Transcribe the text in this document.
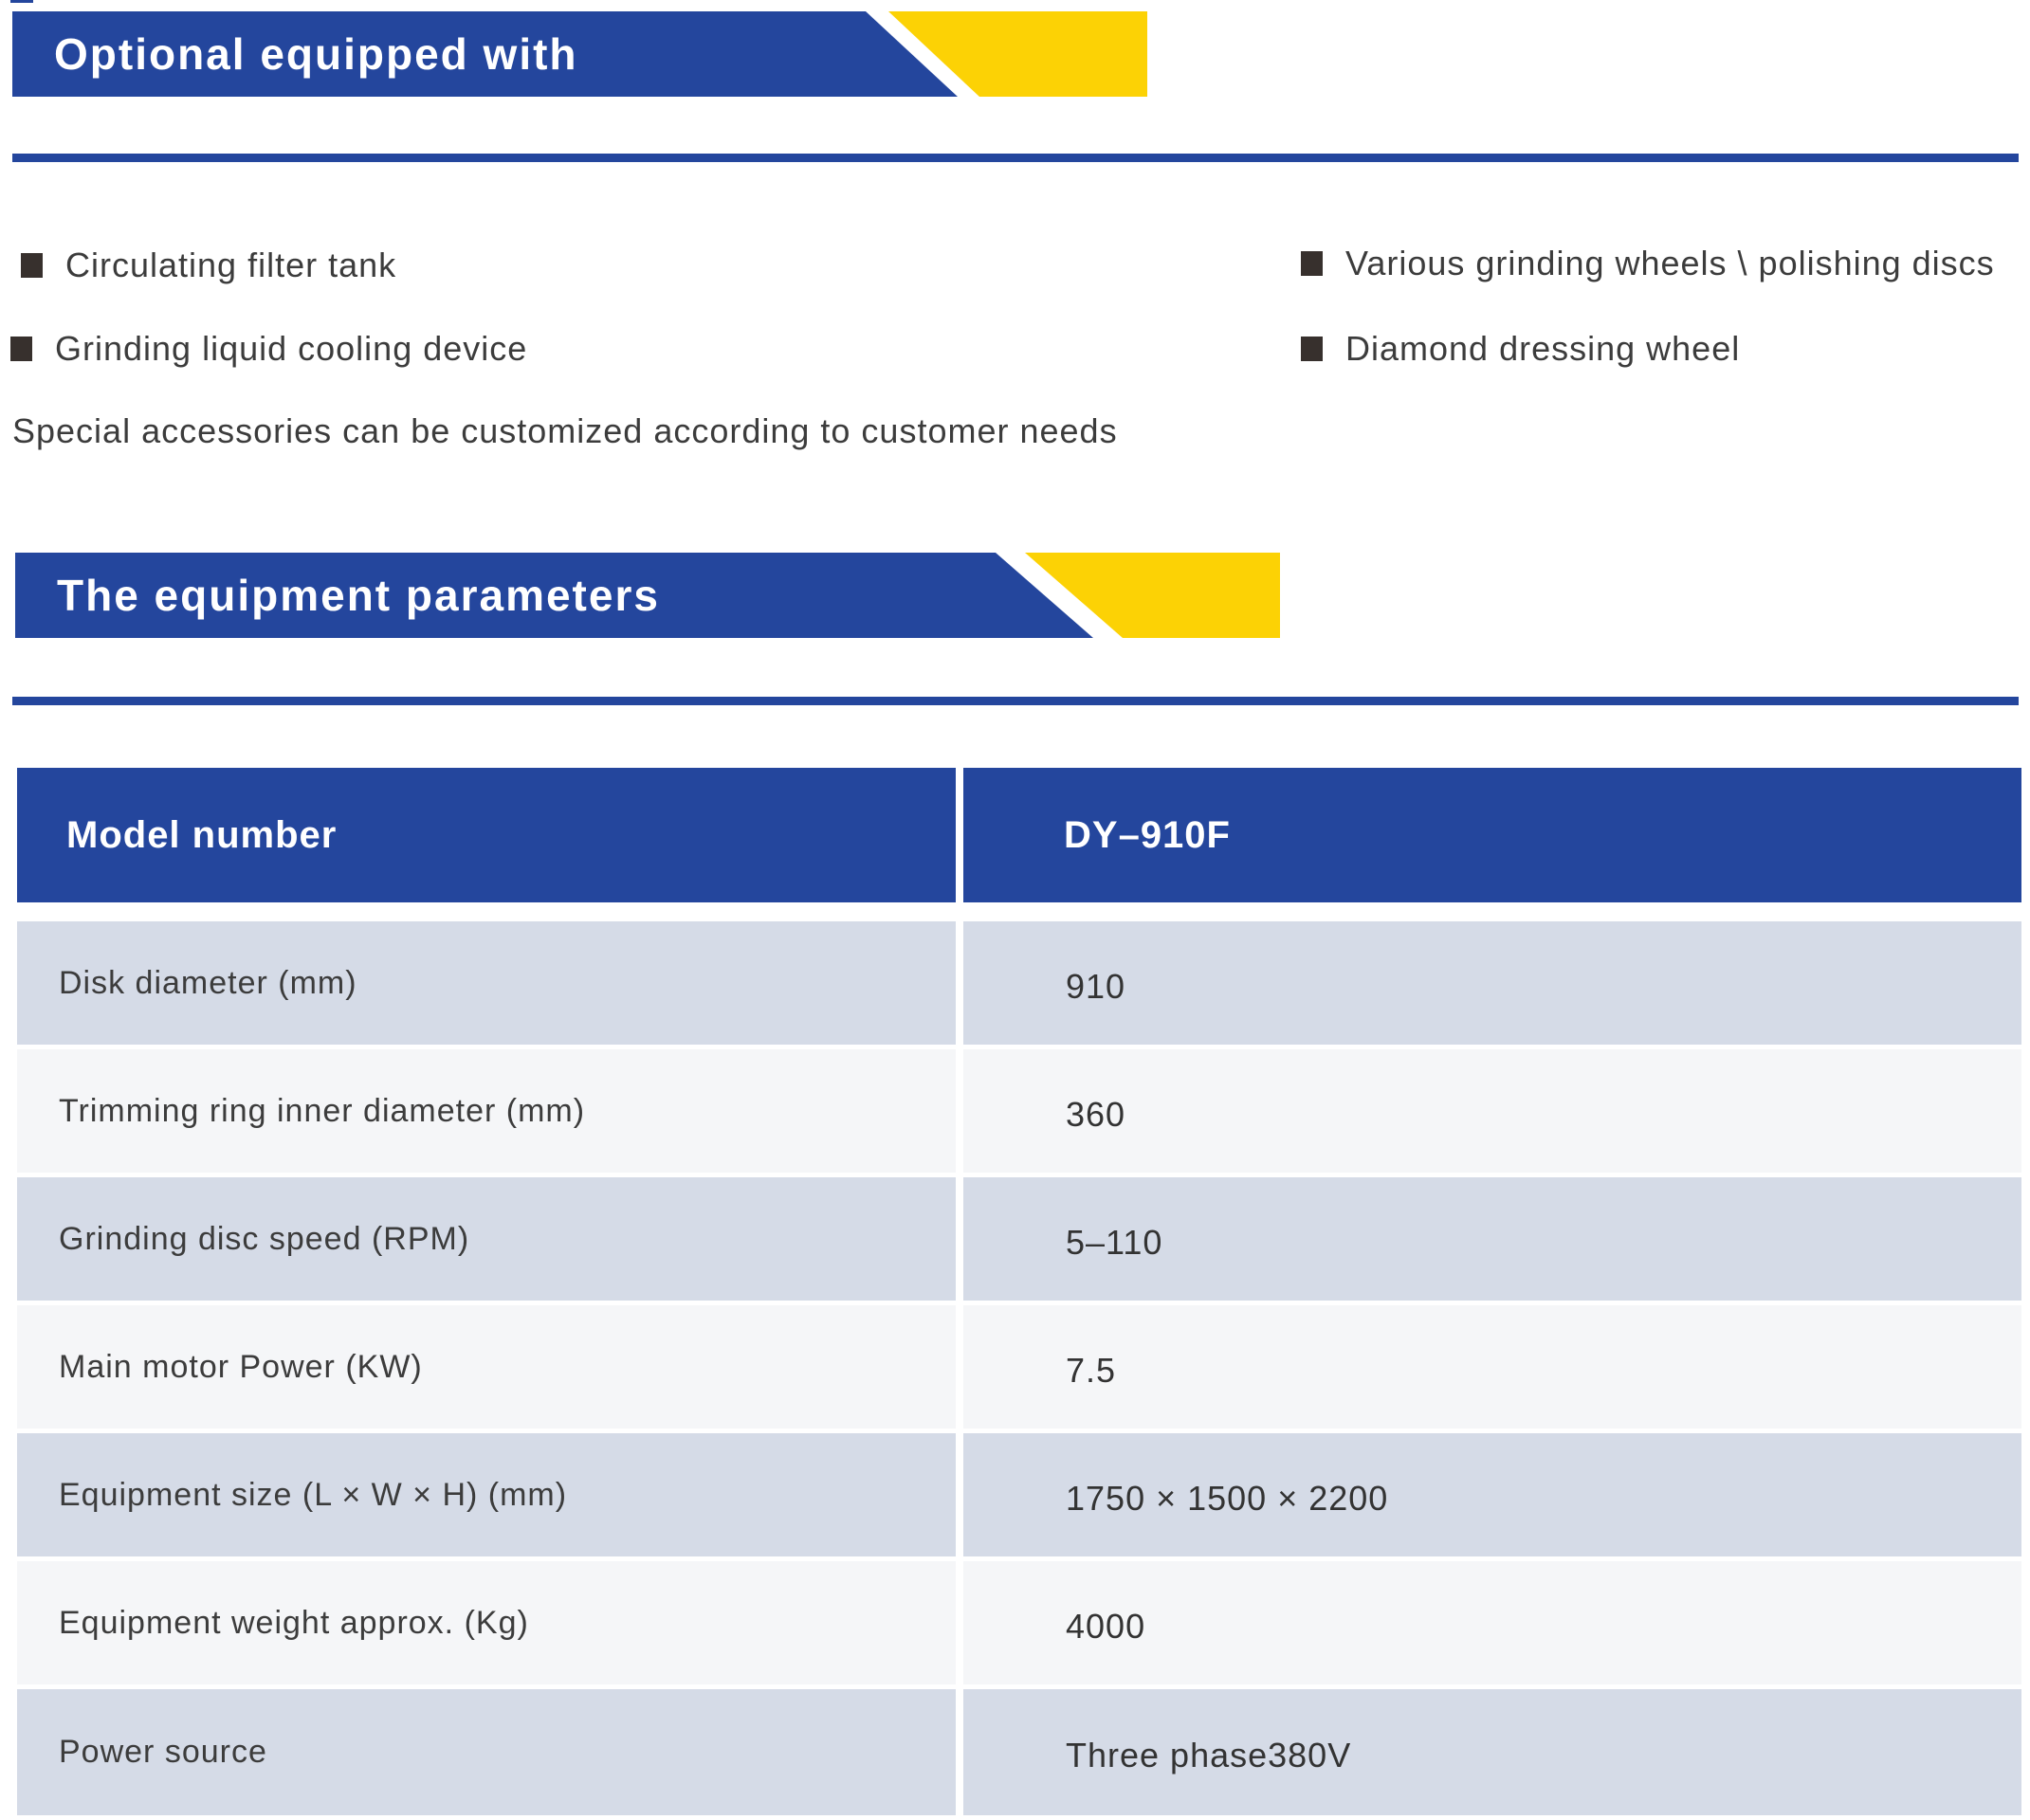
Optional equipped with
Circulating filter tank
Grinding liquid cooling device
Various grinding wheels \ polishing discs
Diamond dressing wheel
Special accessories can be customized according to customer needs
The equipment parameters
Model number	DY–910F
Disk diameter (mm)	910
Trimming ring inner diameter (mm)	360
Grinding disc speed (RPM)	5–110
Main motor Power (KW)	7.5
Equipment size (L × W × H) (mm)	1750 × 1500 × 2200
Equipment weight approx. (Kg)	4000
Power source	Three phase380V
